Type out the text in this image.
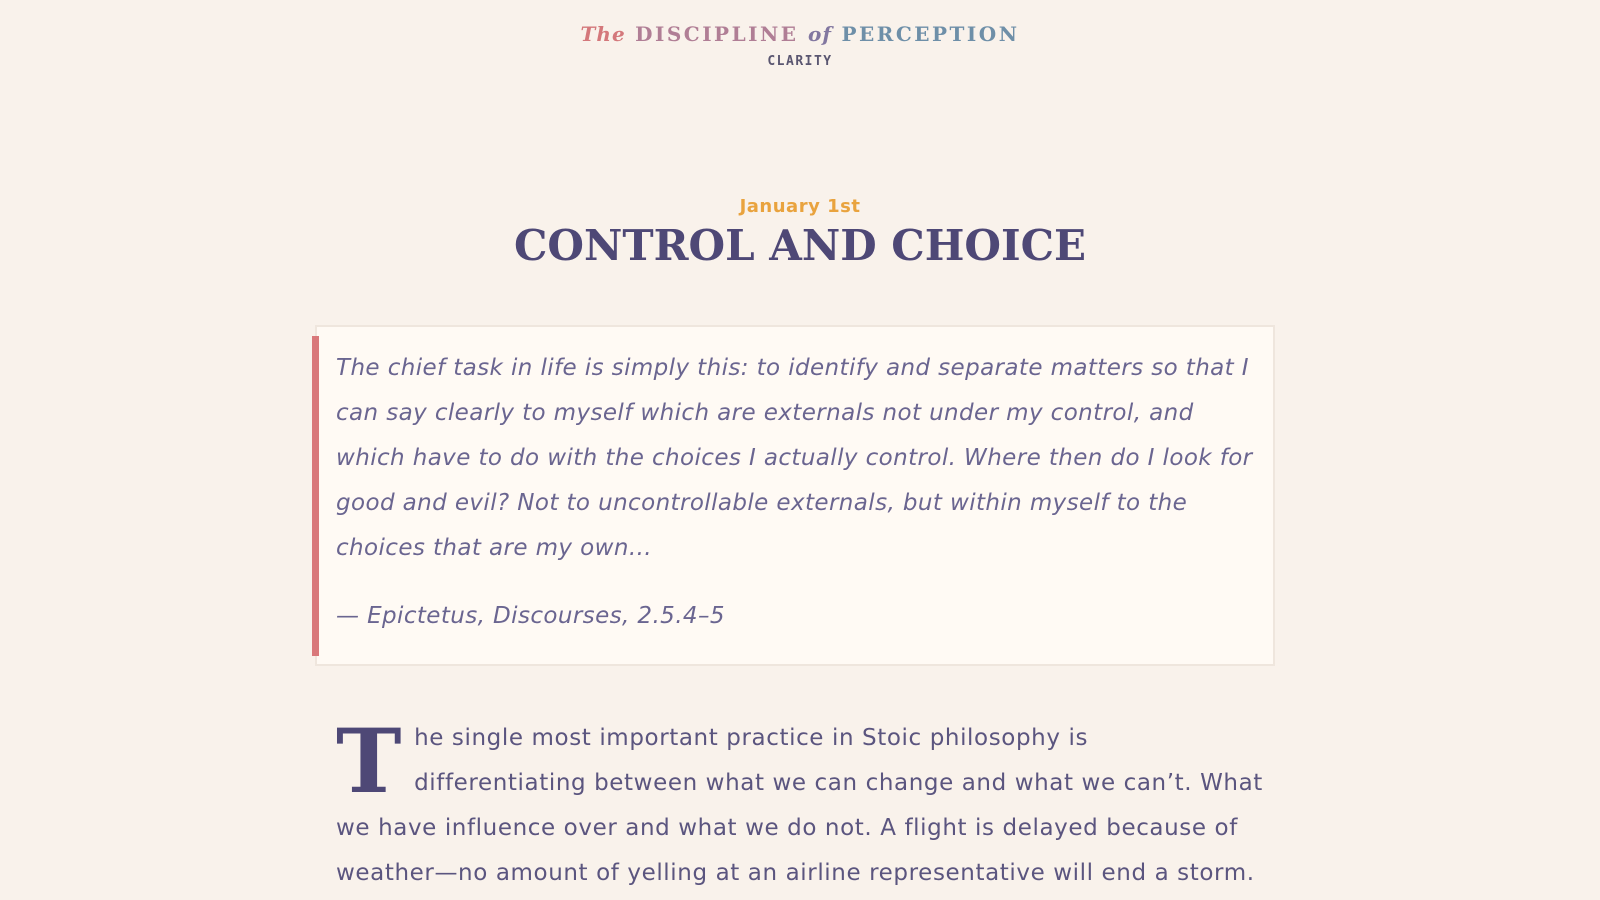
The DISCIPLINE of PERCEPTION
CLARITY
January 1st
CONTROL AND CHOICE
The chief task in life is simply this: to identify and separate matters so that I can say clearly to myself which are externals not under my control, and which have to do with the choices I actually control. Where then do I look for good and evil? Not to uncontrollable externals, but within myself to the choices that are my own…
— Epictetus, Discourses, 2.5.4–5
T he single most important practice in Stoic philosophy is differentiating between what we can change and what we can’t. What we have influence over and what we do not. A flight is delayed because of weather—no amount of yelling at an airline representative will end a storm.
